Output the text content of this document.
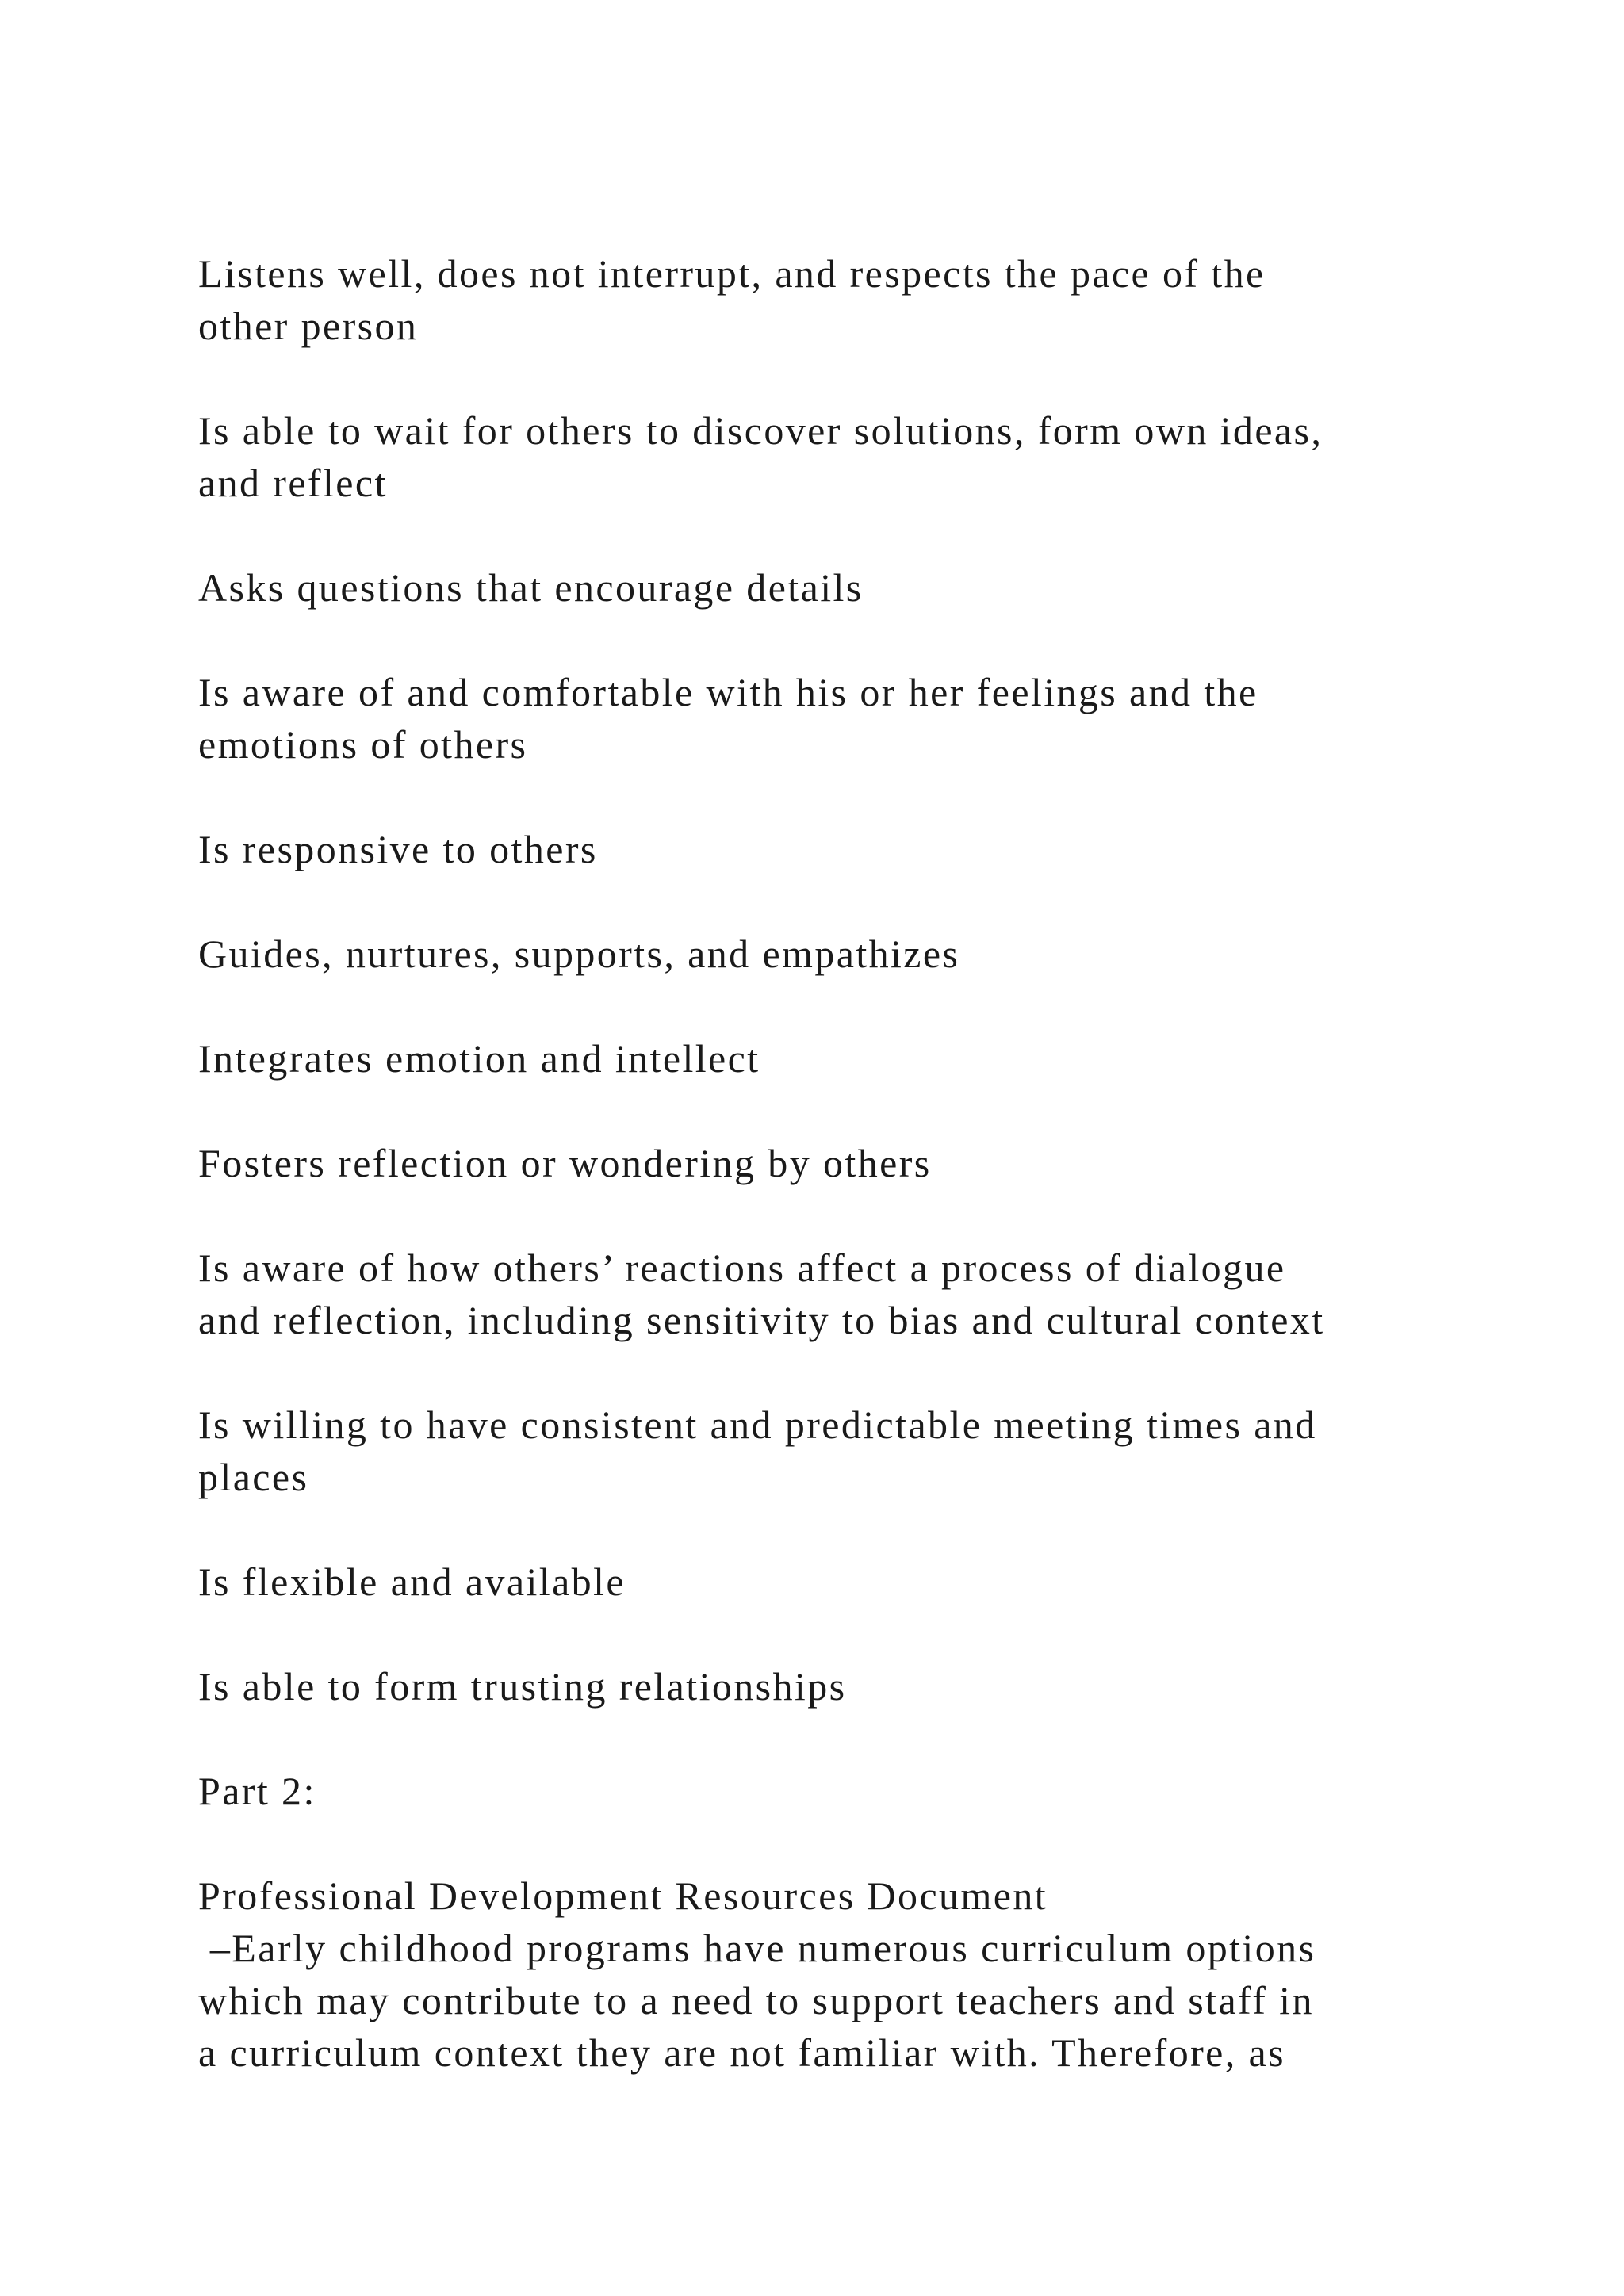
Listens well, does not interrupt, and respects the pace of the
other person

Is able to wait for others to discover solutions, form own ideas,
and reflect

Asks questions that encourage details

Is aware of and comfortable with his or her feelings and the
emotions of others

Is responsive to others

Guides, nurtures, supports, and empathizes

Integrates emotion and intellect

Fosters reflection or wondering by others

Is aware of how others’ reactions affect a process of dialogue
and reflection, including sensitivity to bias and cultural context

Is willing to have consistent and predictable meeting times and
places

Is flexible and available

Is able to form trusting relationships

Part 2:

Professional Development Resources Document

–Early childhood programs have numerous curriculum options
which may contribute to a need to support teachers and staff in
a curriculum context they are not familiar with. Therefore, as
